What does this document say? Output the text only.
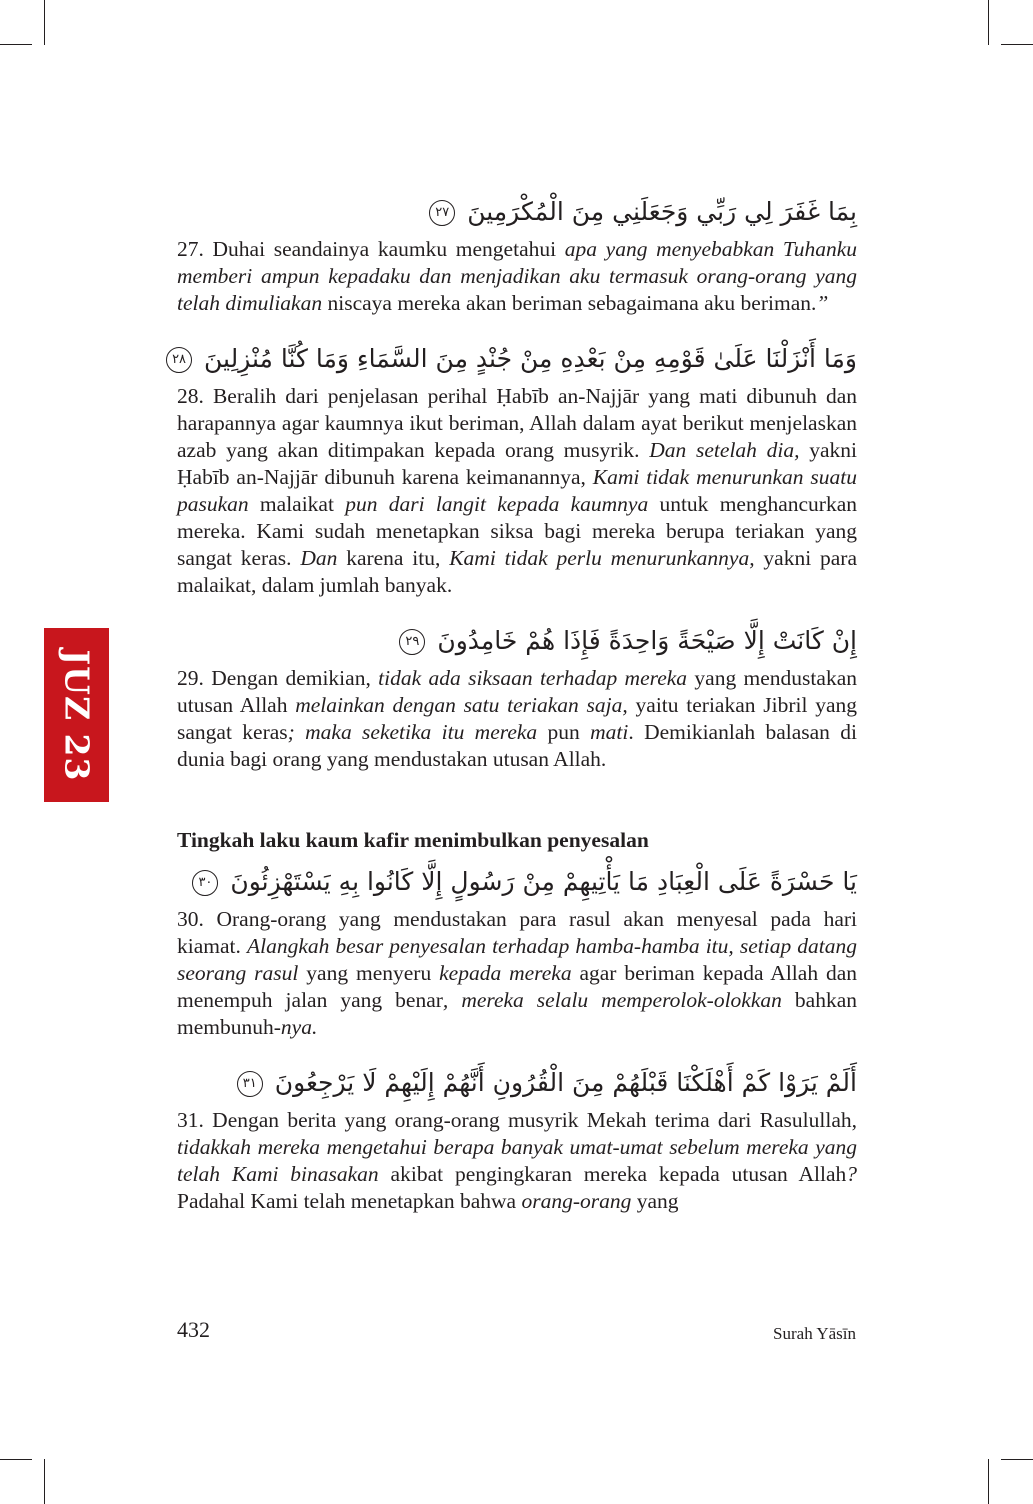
JUZ 23
بِمَا غَفَرَ لِي رَبِّي وَجَعَلَنِي مِنَ الْمُكْرَمِينَ ٢٧

27. Duhai seandainya kaumku mengetahui apa yang menyebabkan Tuhanku memberi ampun kepadaku dan menjadikan aku termasuk orang-orang yang telah dimuliakan niscaya mereka akan beriman sebagaimana aku beriman.”

وَمَا أَنْزَلْنَا عَلَىٰ قَوْمِهِ مِنْ بَعْدِهِ مِنْ جُنْدٍ مِنَ السَّمَاءِ وَمَا كُنَّا مُنْزِلِينَ ٢٨

28. Beralih dari penjelasan perihal Ḥabīb an-Najjār yang mati dibunuh dan harapannya agar kaumnya ikut beriman, Allah dalam ayat berikut menjelaskan azab yang akan ditimpakan kepada orang musyrik. Dan setelah dia, yakni Ḥabīb an-Najjār dibunuh karena keimanannya, Kami tidak menurunkan suatu pasukan malaikat pun dari langit kepada kaumnya untuk menghancurkan mereka. Kami sudah menetapkan siksa bagi mereka berupa teriakan yang sangat keras. Dan karena itu, Kami tidak perlu menurunkannya, yakni para malaikat, dalam jumlah banyak.

إِنْ كَانَتْ إِلَّا صَيْحَةً وَاحِدَةً فَإِذَا هُمْ خَامِدُونَ ٢٩

29. Dengan demikian, tidak ada siksaan terhadap mereka yang mendustakan utusan Allah melainkan dengan satu teriakan saja, yaitu teriakan Jibril yang sangat keras; maka seketika itu mereka pun mati. Demikianlah balasan di dunia bagi orang yang mendustakan utusan Allah.

Tingkah laku kaum kafir menimbulkan penyesalan
يَا حَسْرَةً عَلَى الْعِبَادِ مَا يَأْتِيهِمْ مِنْ رَسُولٍ إِلَّا كَانُوا بِهِ يَسْتَهْزِئُونَ ٣٠

30. Orang-orang yang mendustakan para rasul akan menyesal pada hari kiamat. Alangkah besar penyesalan terhadap hamba-hamba itu, setiap datang seorang rasul yang menyeru kepada mereka agar beriman kepada Allah dan menempuh jalan yang benar, mereka selalu memperolok-olokkan bahkan membunuh-nya.

أَلَمْ يَرَوْا كَمْ أَهْلَكْنَا قَبْلَهُمْ مِنَ الْقُرُونِ أَنَّهُمْ إِلَيْهِمْ لَا يَرْجِعُونَ ٣١

31. Dengan berita yang orang-orang musyrik Mekah terima dari Rasulullah, tidakkah mereka mengetahui berapa banyak umat-umat sebelum mereka yang telah Kami binasakan akibat pengingkaran mereka kepada utusan Allah? Padahal Kami telah menetapkan bahwa orang-orang yang

432	Surah Yāsīn
